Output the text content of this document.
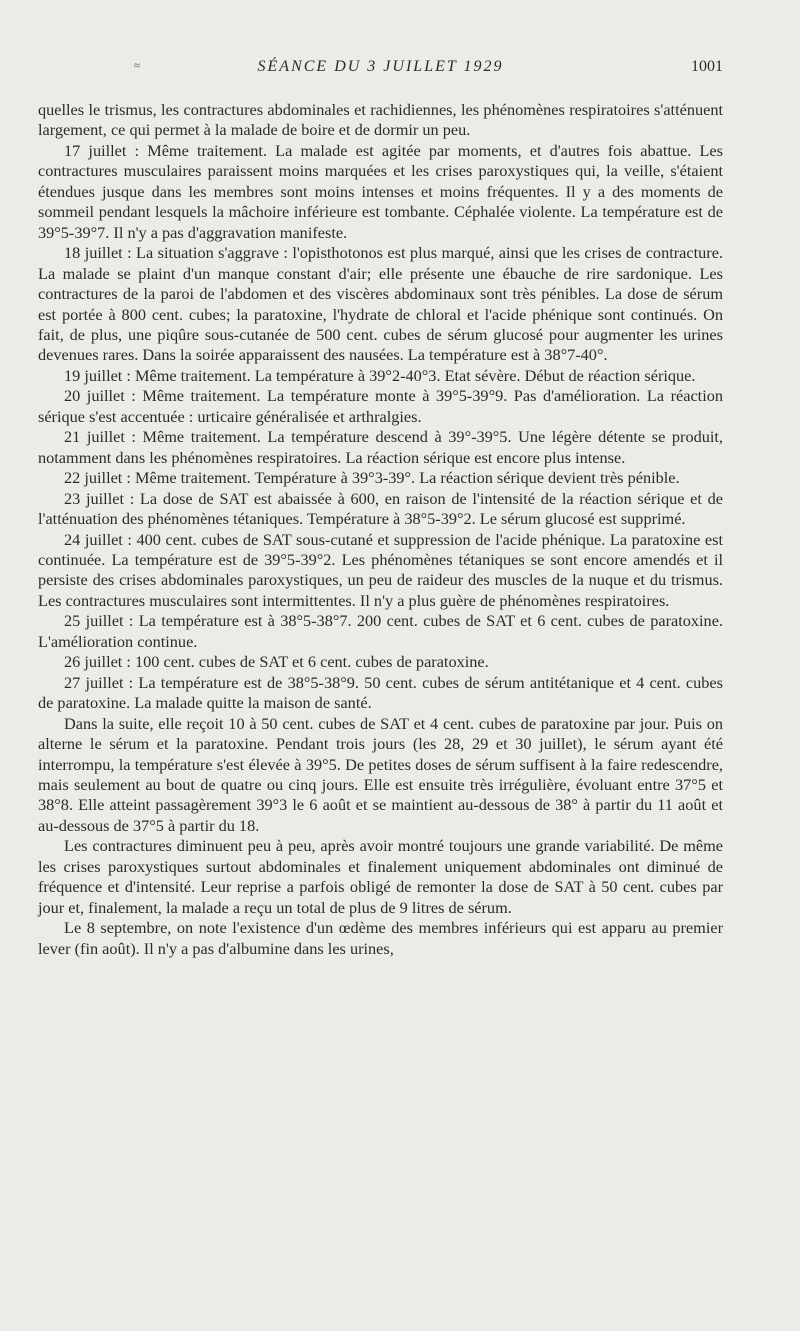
≈	SÉANCE DU 3 JUILLET 1929	1001

quelles le trismus, les contractures abdominales et rachidiennes, les phénomènes respiratoires s'atténuent largement, ce qui permet à la malade de boire et de dormir un peu.

17 juillet : Même traitement. La malade est agitée par moments, et d'autres fois abattue. Les contractures musculaires paraissent moins marquées et les crises paroxystiques qui, la veille, s'étaient étendues jusque dans les membres sont moins intenses et moins fréquentes. Il y a des moments de sommeil pendant lesquels la mâchoire inférieure est tombante. Céphalée violente. La température est de 39°5-39°7. Il n'y a pas d'aggravation manifeste.

18 juillet : La situation s'aggrave : l'opisthotonos est plus marqué, ainsi que les crises de contracture. La malade se plaint d'un manque constant d'air; elle présente une ébauche de rire sardonique. Les contractures de la paroi de l'abdomen et des viscères abdominaux sont très pénibles. La dose de sérum est portée à 800 cent. cubes; la paratoxine, l'hydrate de chloral et l'acide phénique sont continués. On fait, de plus, une piqûre sous-cutanée de 500 cent. cubes de sérum glucosé pour augmenter les urines devenues rares. Dans la soirée apparaissent des nausées. La température est à 38°7-40°.

19 juillet : Même traitement. La température à 39°2-40°3. Etat sévère. Début de réaction sérique.

20 juillet : Même traitement. La température monte à 39°5-39°9. Pas d'amélioration. La réaction sérique s'est accentuée : urticaire généralisée et arthralgies.

21 juillet : Même traitement. La température descend à 39°-39°5. Une légère détente se produit, notamment dans les phénomènes respiratoires. La réaction sérique est encore plus intense.

22 juillet : Même traitement. Température à 39°3-39°. La réaction sérique devient très pénible.

23 juillet : La dose de SAT est abaissée à 600, en raison de l'intensité de la réaction sérique et de l'atténuation des phénomènes tétaniques. Température à 38°5-39°2. Le sérum glucosé est supprimé.

24 juillet : 400 cent. cubes de SAT sous-cutané et suppression de l'acide phénique. La paratoxine est continuée. La température est de 39°5-39°2. Les phénomènes tétaniques se sont encore amendés et il persiste des crises abdominales paroxystiques, un peu de raideur des muscles de la nuque et du trismus. Les contractures musculaires sont intermittentes. Il n'y a plus guère de phénomènes respiratoires.

25 juillet : La température est à 38°5-38°7. 200 cent. cubes de SAT et 6 cent. cubes de paratoxine. L'amélioration continue.

26 juillet : 100 cent. cubes de SAT et 6 cent. cubes de paratoxine.

27 juillet : La température est de 38°5-38°9. 50 cent. cubes de sérum antitétanique et 4 cent. cubes de paratoxine. La malade quitte la maison de santé.

Dans la suite, elle reçoit 10 à 50 cent. cubes de SAT et 4 cent. cubes de paratoxine par jour. Puis on alterne le sérum et la paratoxine. Pendant trois jours (les 28, 29 et 30 juillet), le sérum ayant été interrompu, la température s'est élevée à 39°5. De petites doses de sérum suffisent à la faire redescendre, mais seulement au bout de quatre ou cinq jours. Elle est ensuite très irrégulière, évoluant entre 37°5 et 38°8. Elle atteint passagèrement 39°3 le 6 août et se maintient au-dessous de 38° à partir du 11 août et au-dessous de 37°5 à partir du 18.

Les contractures diminuent peu à peu, après avoir montré toujours une grande variabilité. De même les crises paroxystiques surtout abdominales et finalement uniquement abdominales ont diminué de fréquence et d'intensité. Leur reprise a parfois obligé de remonter la dose de SAT à 50 cent. cubes par jour et, finalement, la malade a reçu un total de plus de 9 litres de sérum.

Le 8 septembre, on note l'existence d'un œdème des membres inférieurs qui est apparu au premier lever (fin août). Il n'y a pas d'albumine dans les urines,
